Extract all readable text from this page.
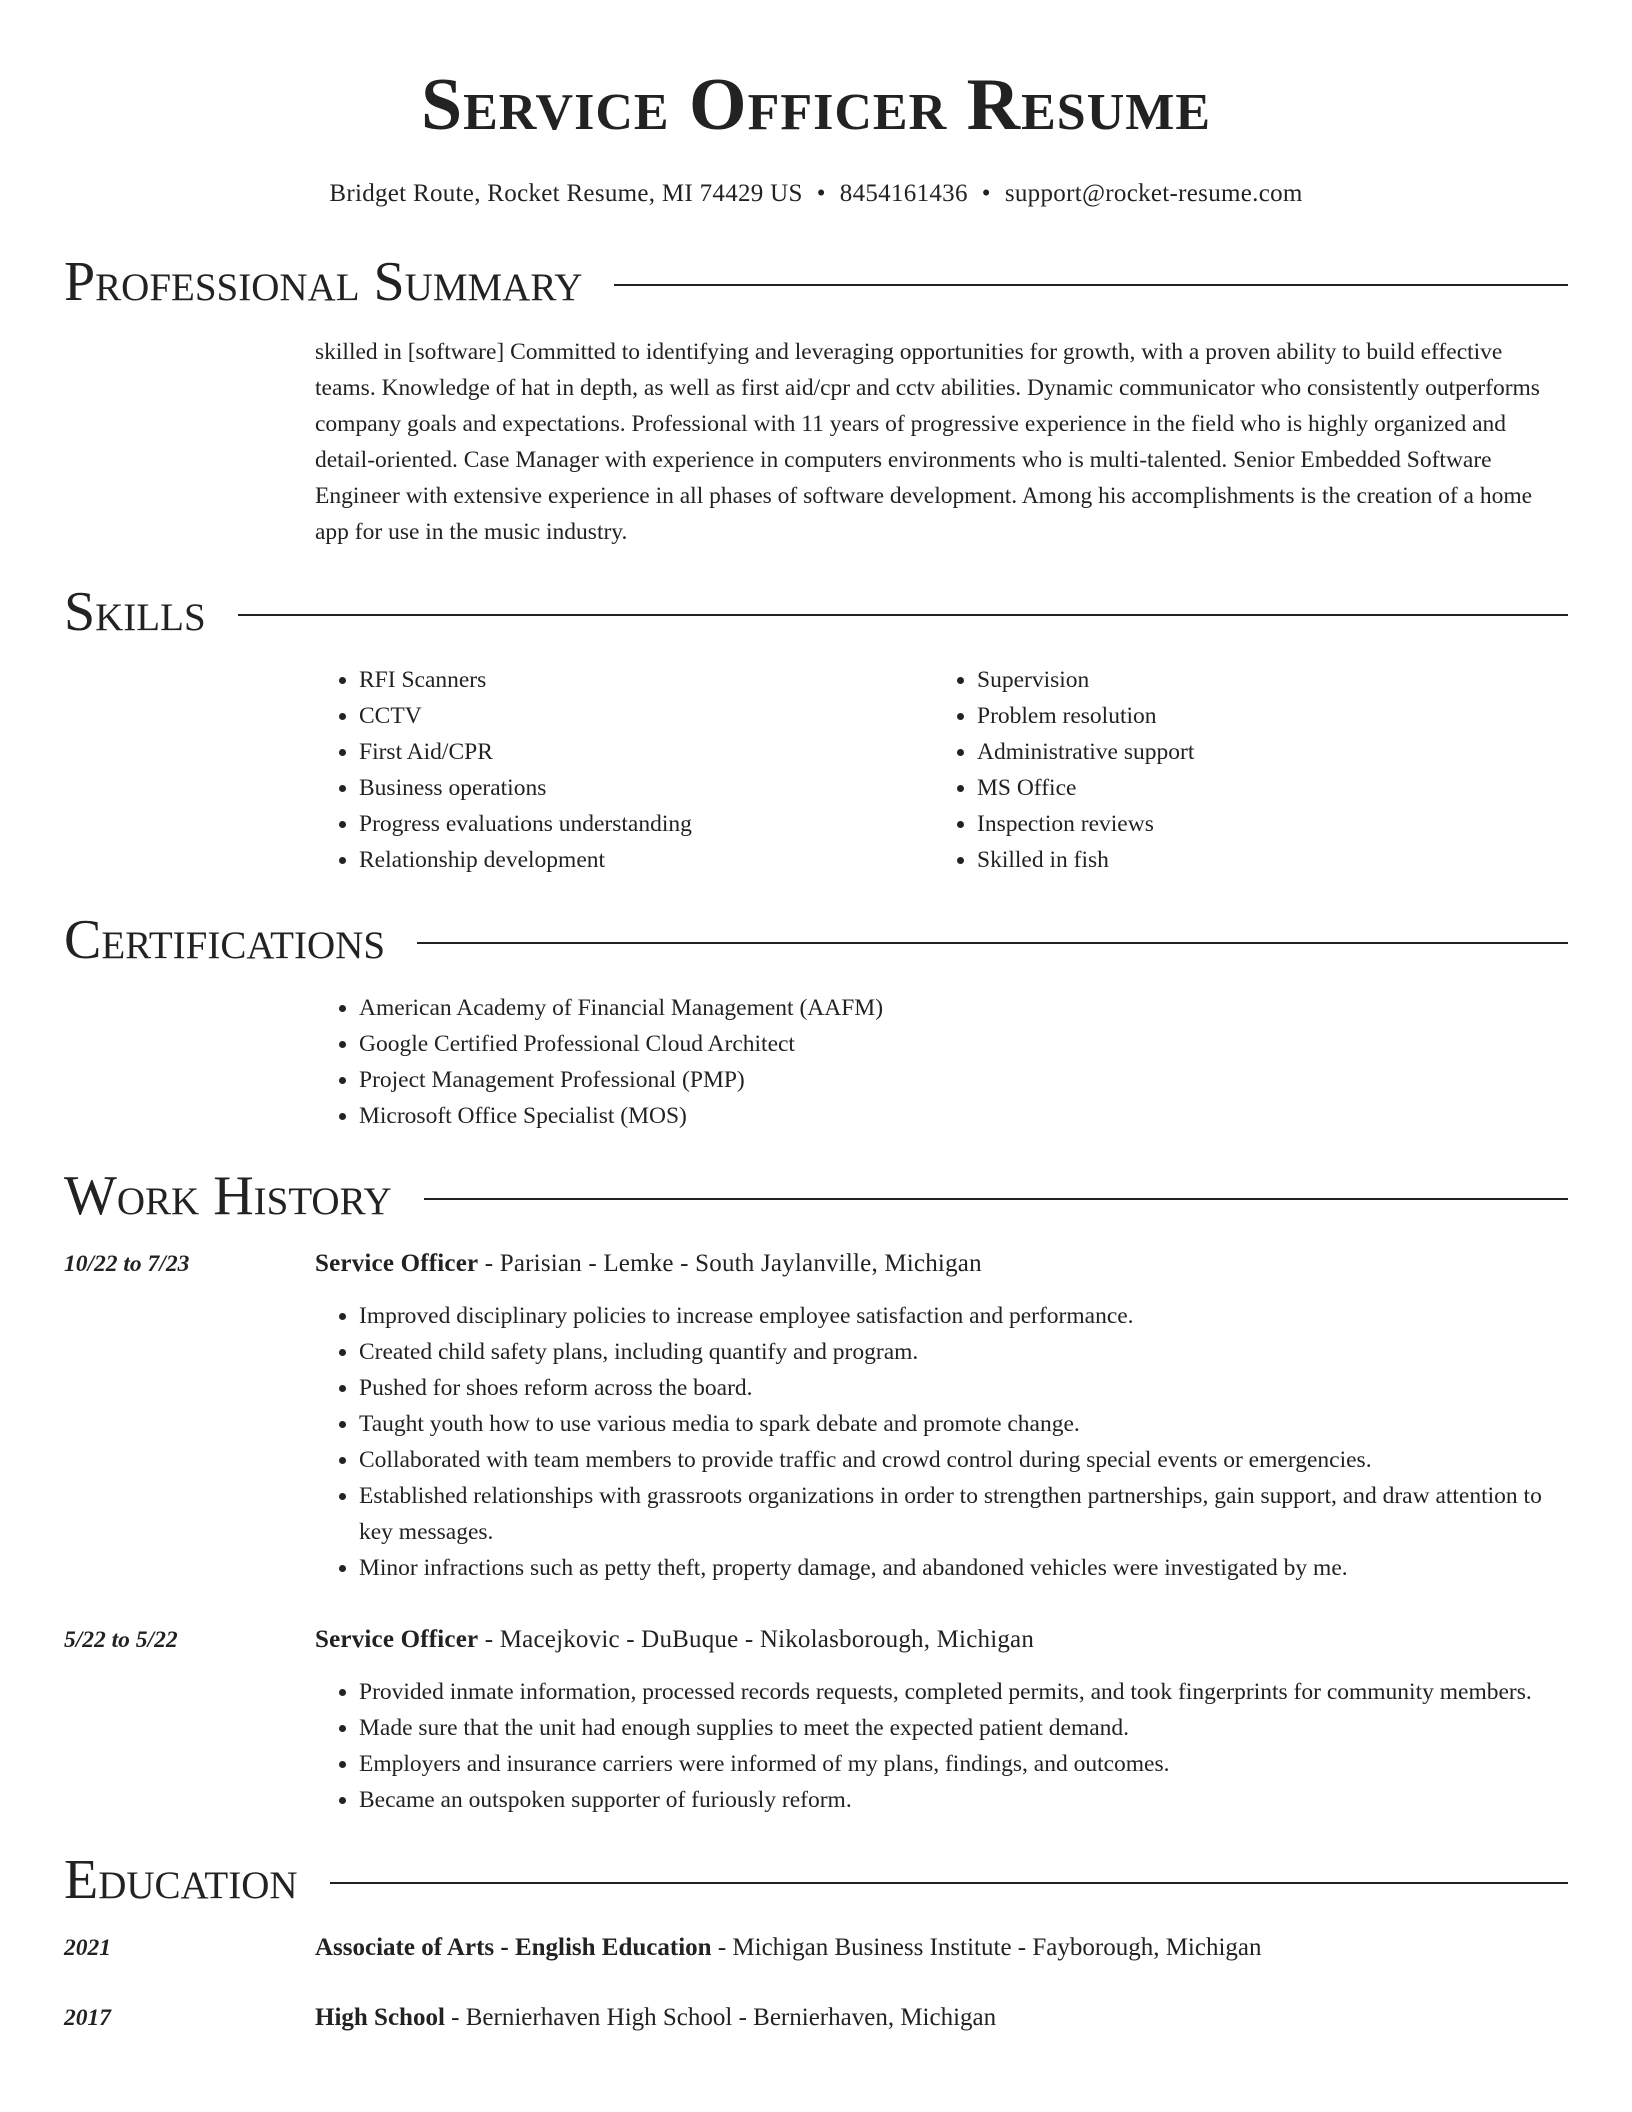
Service Officer Resume
Bridget Route, Rocket Resume, MI 74429 US • 8454161436 • support@rocket-resume.com
Professional Summary

skilled in [software] Committed to identifying and leveraging opportunities for growth, with a proven ability to build effective teams. Knowledge of hat in depth, as well as first aid/cpr and cctv abilities. Dynamic communicator who consistently outperforms company goals and expectations. Professional with 11 years of progressive experience in the field who is highly organized and detail-oriented. Case Manager with experience in computers environments who is multi-talented. Senior Embedded Software Engineer with extensive experience in all phases of software development. Among his accomplishments is the creation of a home app for use in the music industry.

Skills
• RFI Scanners
• CCTV
• First Aid/CPR
• Business operations
• Progress evaluations understanding
• Relationship development
• Supervision
• Problem resolution
• Administrative support
• MS Office
• Inspection reviews
• Skilled in fish
Certifications
• American Academy of Financial Management (AAFM)
• Google Certified Professional Cloud Architect
• Project Management Professional (PMP)
• Microsoft Office Specialist (MOS)
Work History
10/22 to 7/23	Service Officer - Parisian - Lemke - South Jaylanville, Michigan
• Improved disciplinary policies to increase employee satisfaction and performance.
• Created child safety plans, including quantify and program.
• Pushed for shoes reform across the board.
• Taught youth how to use various media to spark debate and promote change.
• Collaborated with team members to provide traffic and crowd control during special events or emergencies.
• Established relationships with grassroots organizations in order to strengthen partnerships, gain support, and draw attention to key messages.
• Minor infractions such as petty theft, property damage, and abandoned vehicles were investigated by me.
5/22 to 5/22	Service Officer - Macejkovic - DuBuque - Nikolasborough, Michigan
• Provided inmate information, processed records requests, completed permits, and took fingerprints for community members.
• Made sure that the unit had enough supplies to meet the expected patient demand.
• Employers and insurance carriers were informed of my plans, findings, and outcomes.
• Became an outspoken supporter of furiously reform.
Education
2021	Associate of Arts - English Education - Michigan Business Institute - Fayborough, Michigan
2017	High School - Bernierhaven High School - Bernierhaven, Michigan
